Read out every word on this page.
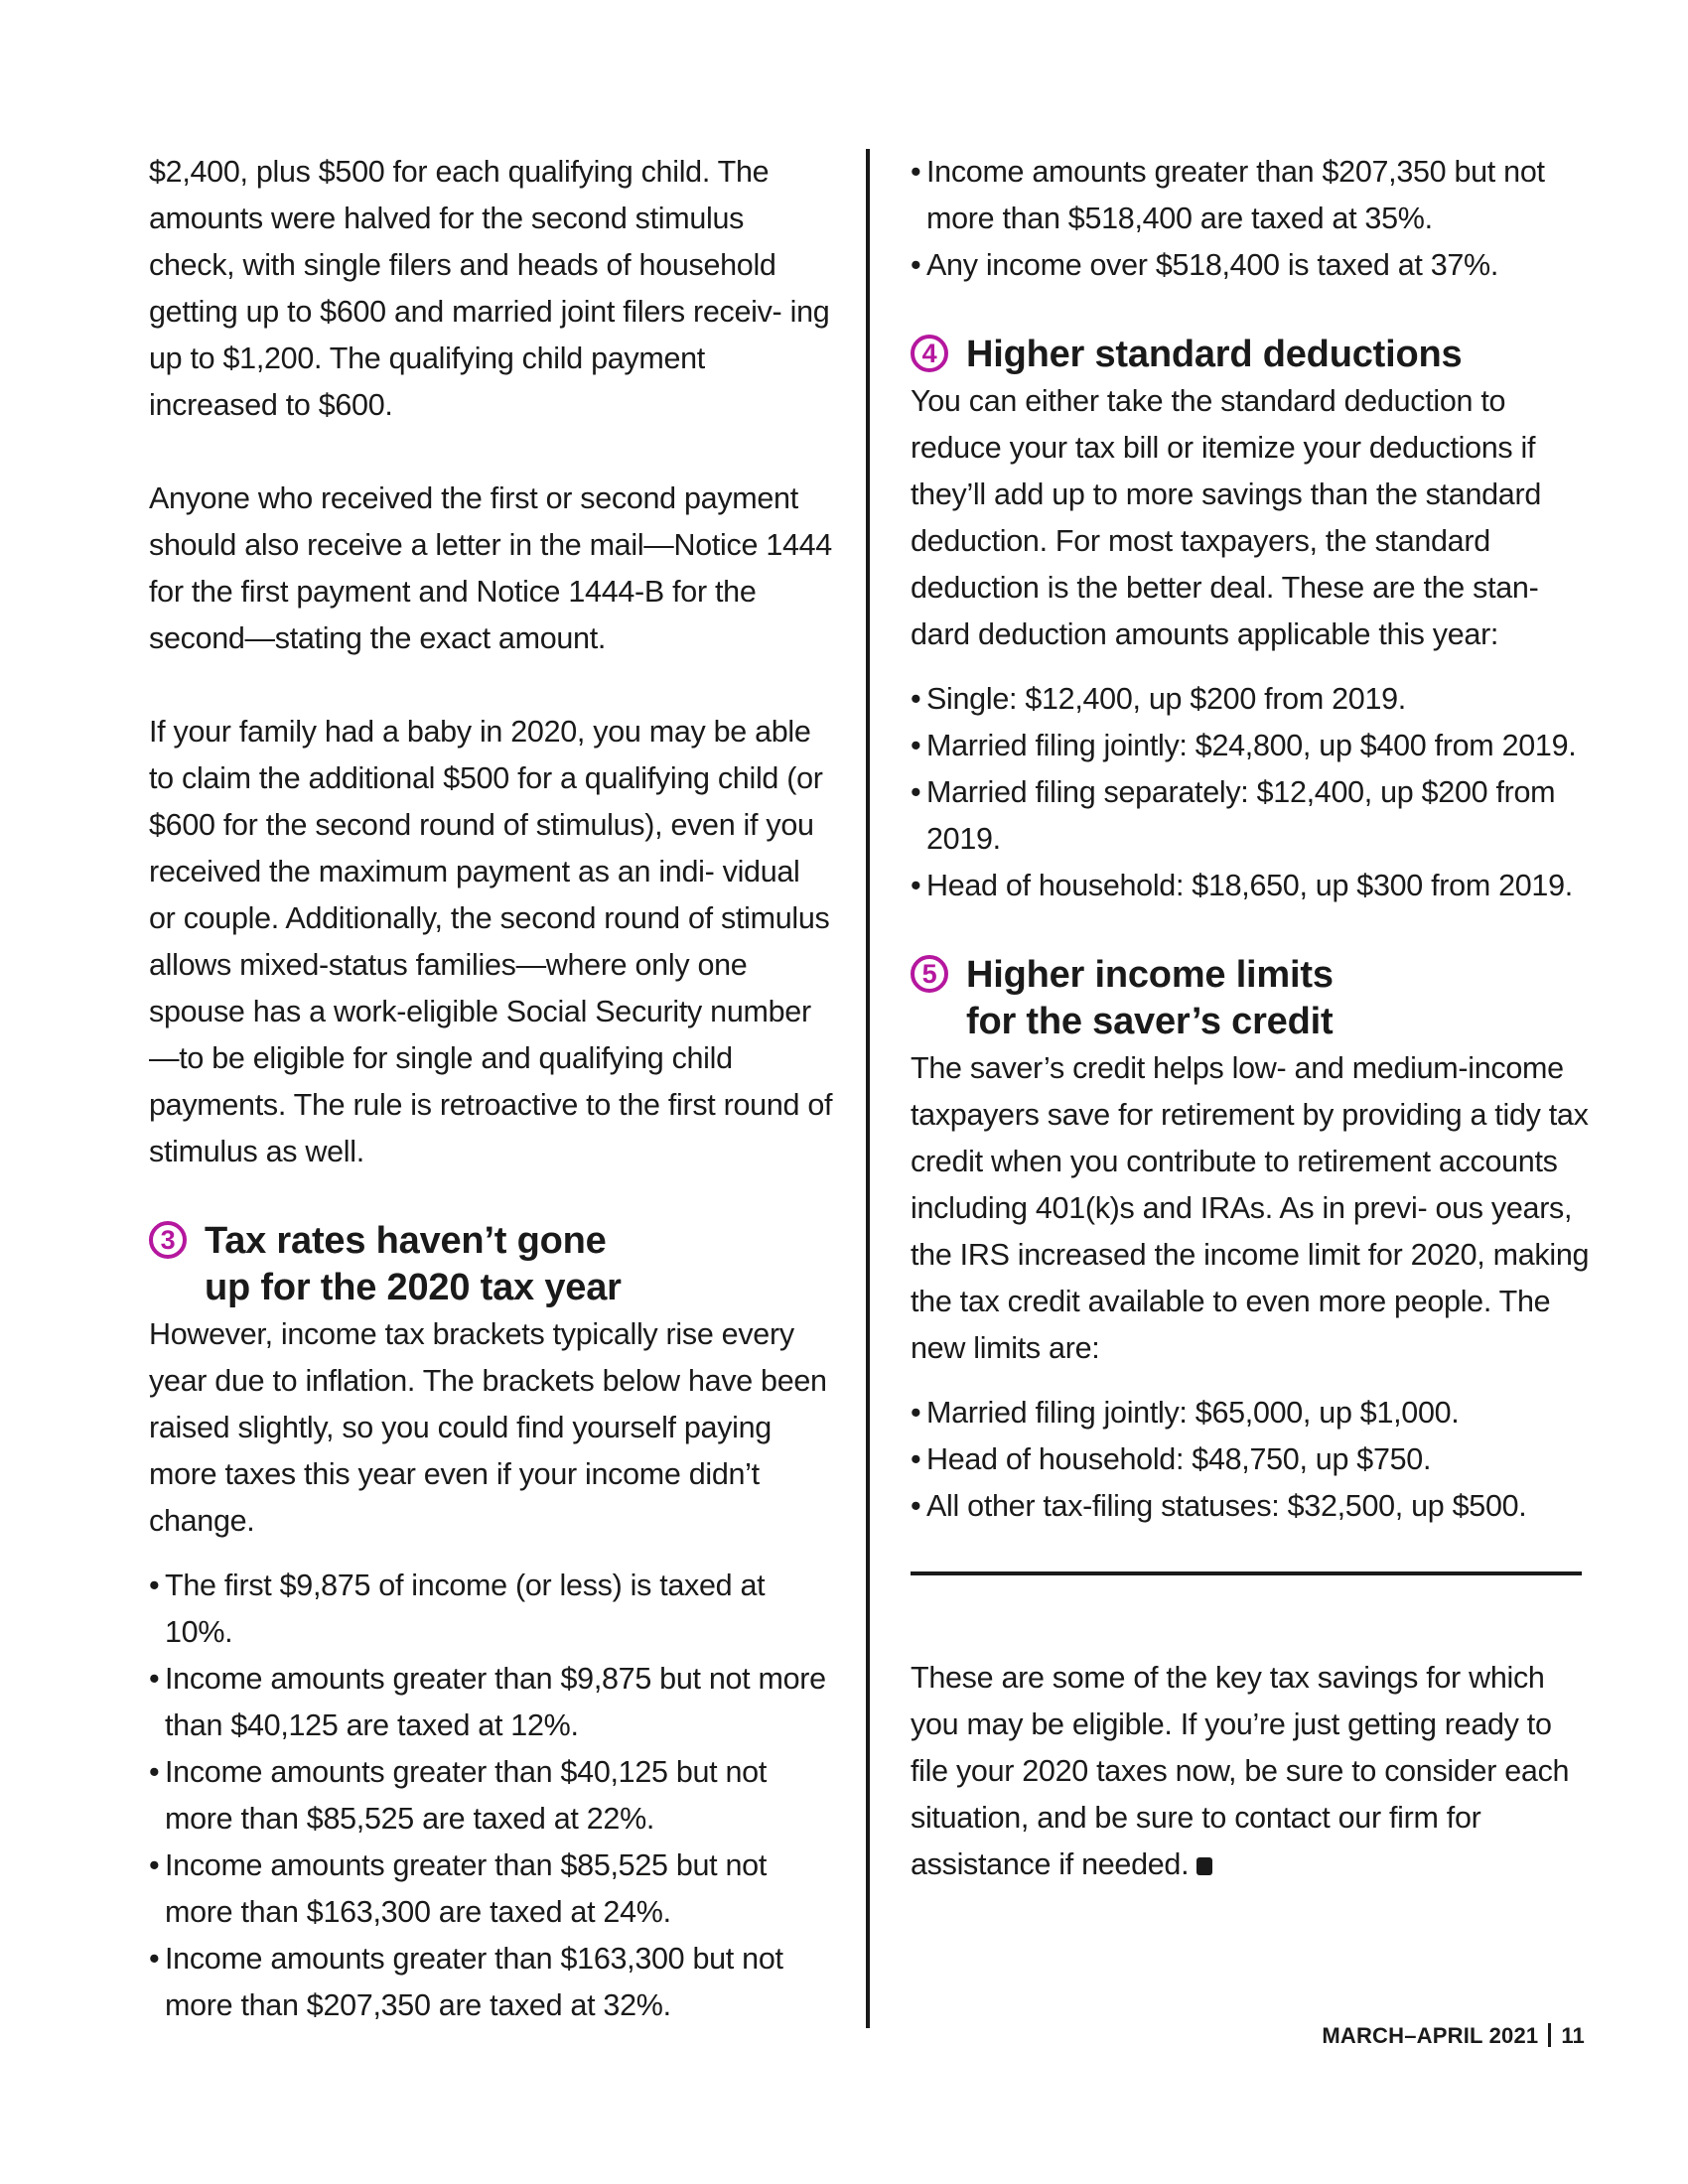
$2,400, plus $500 for each qualifying child. The amounts were halved for the second stimulus check, with single filers and heads of household getting up to $600 and married joint filers receiv- ing up to $1,200. The qualifying child payment increased to $600.

Anyone who received the first or second payment should also receive a letter in the mail—Notice 1444 for the first payment and Notice 1444-B for the second—stating the exact amount.

If your family had a baby in 2020, you may be able to claim the additional $500 for a qualifying child (or $600 for the second round of stimulus), even if you received the maximum payment as an indi- vidual or couple. Additionally, the second round of stimulus allows mixed-status families—where only one spouse has a work-eligible Social Security number—to be eligible for single and qualifying child payments. The rule is retroactive to the first round of stimulus as well.

3 Tax rates haven’t gone
up for the 2020 tax year

However, income tax brackets typically rise every year due to inflation. The brackets below have been raised slightly, so you could find yourself paying more taxes this year even if your income didn’t change.

• The first $9,875 of income (or less) is taxed at 10%.
• Income amounts greater than $9,875 but not more than $40,125 are taxed at 12%.
• Income amounts greater than $40,125 but not more than $85,525 are taxed at 22%.
• Income amounts greater than $85,525 but not more than $163,300 are taxed at 24%.
• Income amounts greater than $163,300 but not more than $207,350 are taxed at 32%.
• Income amounts greater than $207,350 but not more than $518,400 are taxed at 35%.
• Any income over $518,400 is taxed at 37%.
4 Higher standard deductions

You can either take the standard deduction to reduce your tax bill or itemize your deductions if they’ll add up to more savings than the standard deduction. For most taxpayers, the standard deduction is the better deal. These are the stan- dard deduction amounts applicable this year:

• Single: $12,400, up $200 from 2019.
• Married filing jointly: $24,800, up $400 from 2019.
• Married filing separately: $12,400, up $200 from 2019.
• Head of household: $18,650, up $300 from 2019.
5 Higher income limits
for the saver’s credit

The saver’s credit helps low- and medium-income taxpayers save for retirement by providing a tidy tax credit when you contribute to retirement accounts including 401(k)s and IRAs. As in previ- ous years, the IRS increased the income limit for 2020, making the tax credit available to even more people. The new limits are:

• Married filing jointly: $65,000, up $1,000.
• Head of household: $48,750, up $750.
• All other tax-filing statuses: $32,500, up $500.

These are some of the key tax savings for which you may be eligible. If you’re just getting ready to file your 2020 taxes now, be sure to consider each situation, and be sure to contact our firm for assistance if needed.

MARCH–APRIL 2021 11
